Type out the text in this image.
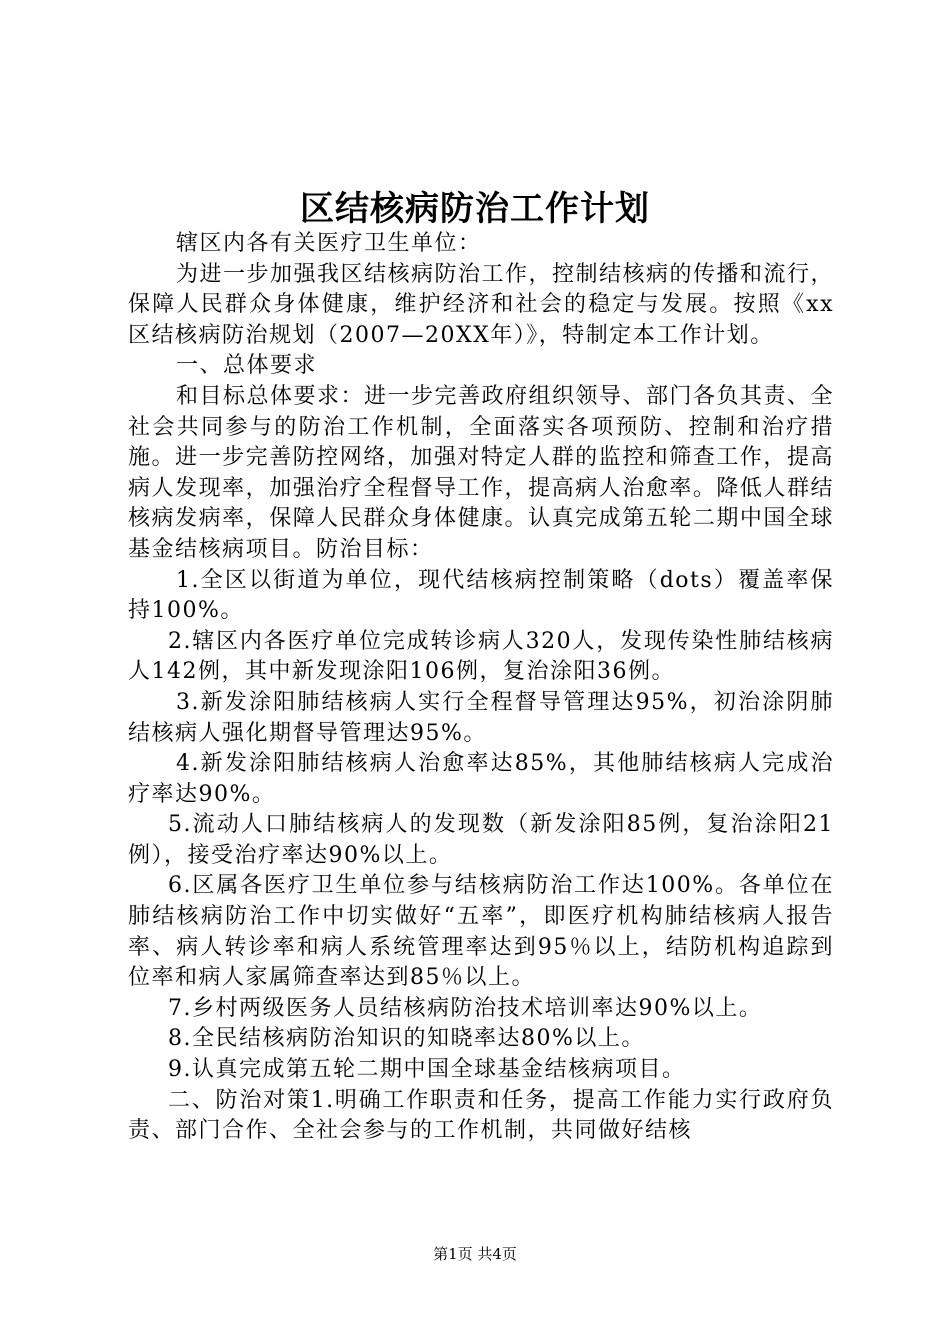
区结核病防治工作计划

辖区内各有关医疗卫生单位：

为进一步加强我区结核病防治工作，控制结核病的传播和流行，保障人民群众身体健康，维护经济和社会的稳定与发展。按照《xx区结核病防治规划（2007—20XX年）》，特制定本工作计划。

一、总体要求

和目标总体要求：进一步完善政府组织领导、部门各负其责、全社会共同参与的防治工作机制，全面落实各项预防、控制和治疗措施。进一步完善防控网络，加强对特定人群的监控和筛查工作，提高病人发现率，加强治疗全程督导工作，提高病人治愈率。降低人群结核病发病率，保障人民群众身体健康。认真完成第五轮二期中国全球基金结核病项目。防治目标：

1.全区以街道为单位，现代结核病控制策略（dots）覆盖率保持100%。

2.辖区内各医疗单位完成转诊病人320人，发现传染性肺结核病人142例，其中新发现涂阳106例，复治涂阳36例。

3.新发涂阳肺结核病人实行全程督导管理达95%，初治涂阴肺结核病人强化期督导管理达95%。

4.新发涂阳肺结核病人治愈率达85%，其他肺结核病人完成治疗率达90%。

5.流动人口肺结核病人的发现数（新发涂阳85例，复治涂阳21例），接受治疗率达90%以上。

6.区属各医疗卫生单位参与结核病防治工作达100%。各单位在肺结核病防治工作中切实做好“五率”，即医疗机构肺结核病人报告率、病人转诊率和病人系统管理率达到95％以上，结防机构追踪到位率和病人家属筛查率达到85％以上。

7.乡村两级医务人员结核病防治技术培训率达90%以上。

8.全民结核病防治知识的知晓率达80%以上。

9.认真完成第五轮二期中国全球基金结核病项目。

二、防治对策1.明确工作职责和任务，提高工作能力实行政府负责、部门合作、全社会参与的工作机制，共同做好结核

第1页 共4页
